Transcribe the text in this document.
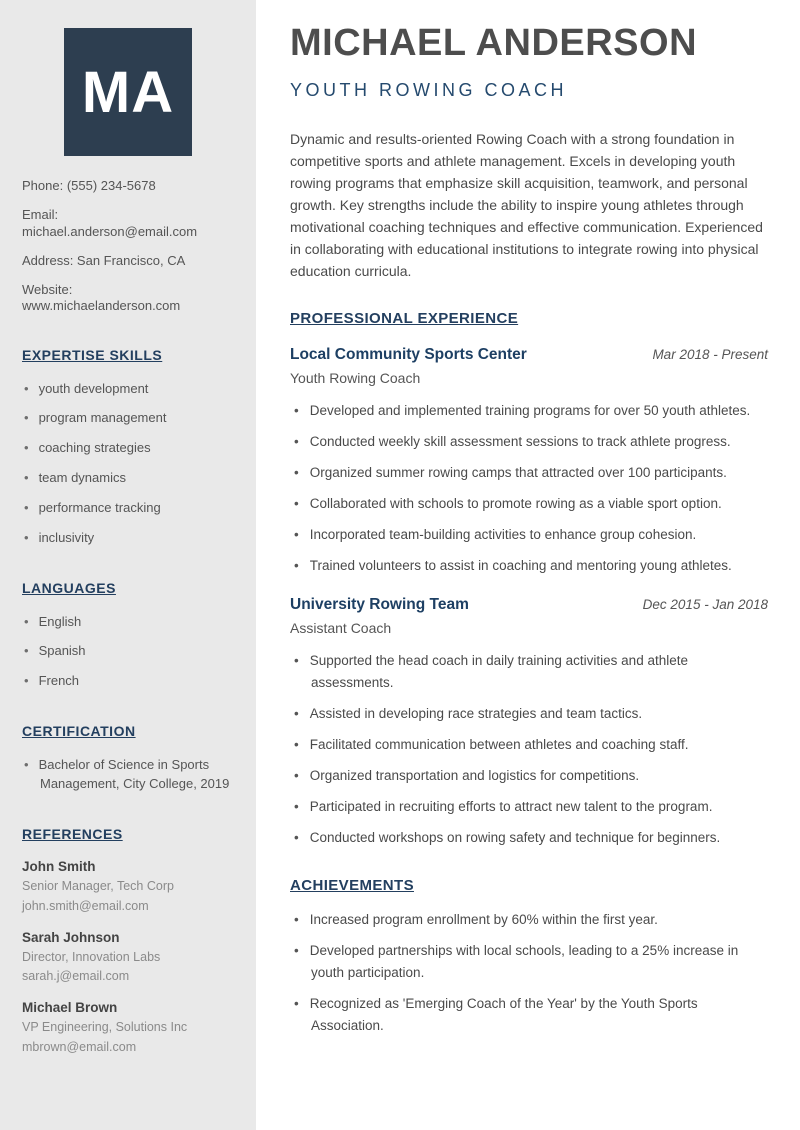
MA

Phone: (555) 234-5678

Email: michael.anderson@email.com

Address: San Francisco, CA

Website: www.michaelanderson.com

EXPERTISE SKILLS
• youth development
• program management
• coaching strategies
• team dynamics
• performance tracking
• inclusivity
LANGUAGES
• English
• Spanish
• French
CERTIFICATION
• Bachelor of Science in Sports Management, City College, 2019
REFERENCES

John Smith

Senior Manager, Tech Corp

john.smith@email.com

Sarah Johnson

Director, Innovation Labs

sarah.j@email.com

Michael Brown

VP Engineering, Solutions Inc

mbrown@email.com

MICHAEL ANDERSON

YOUTH ROWING COACH

Dynamic and results-oriented Rowing Coach with a strong foundation in competitive sports and athlete management. Excels in developing youth rowing programs that emphasize skill acquisition, teamwork, and personal growth. Key strengths include the ability to inspire young athletes through motivational coaching techniques and effective communication. Experienced in collaborating with educational institutions to integrate rowing into physical education curricula.

PROFESSIONAL EXPERIENCE
Local Community Sports Center	Mar 2018 - Present
Youth Rowing Coach
• Developed and implemented training programs for over 50 youth athletes.
• Conducted weekly skill assessment sessions to track athlete progress.
• Organized summer rowing camps that attracted over 100 participants.
• Collaborated with schools to promote rowing as a viable sport option.
• Incorporated team-building activities to enhance group cohesion.
• Trained volunteers to assist in coaching and mentoring young athletes.
University Rowing Team	Dec 2015 - Jan 2018
Assistant Coach
• Supported the head coach in daily training activities and athlete assessments.
• Assisted in developing race strategies and team tactics.
• Facilitated communication between athletes and coaching staff.
• Organized transportation and logistics for competitions.
• Participated in recruiting efforts to attract new talent to the program.
• Conducted workshops on rowing safety and technique for beginners.
ACHIEVEMENTS
• Increased program enrollment by 60% within the first year.
• Developed partnerships with local schools, leading to a 25% increase in youth participation.
• Recognized as 'Emerging Coach of the Year' by the Youth Sports Association.
